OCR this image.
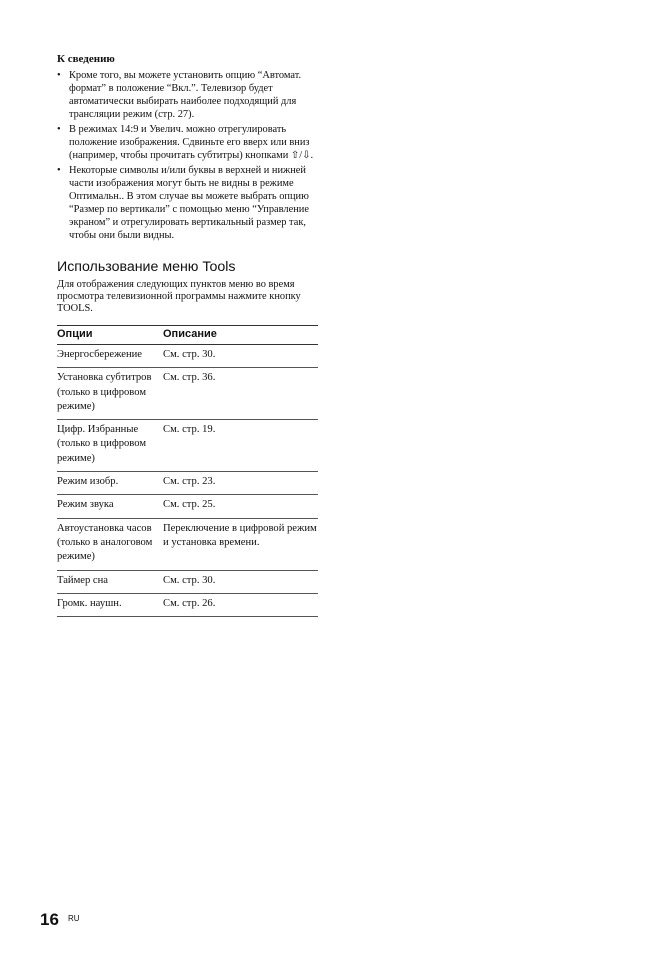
К сведению
• Кроме того, вы можете установить опцию “Автомат. формат” в положение “Вкл.”. Телевизор будет автоматически выбирать наиболее подходящий для трансляции режим (стр. 27).
• В режимах 14:9 и Увелич. можно отрегулировать положение изображения. Сдвиньте его вверх или вниз (например, чтобы прочитать субтитры) кнопками ⇧/⇩.
• Некоторые символы и/или буквы в верхней и нижней части изображения могут быть не видны в режиме Оптимальн.. В этом случае вы можете выбрать опцию “Размер по вертикали” с помощью меню “Управление экраном” и отрегулировать вертикальный размер так, чтобы они были видны.
Использование меню Tools

Для отображения следующих пунктов меню во время просмотра телевизионной программы нажмите кнопку TOOLS.

Опции	Описание
Энергосбережение	См. стр. 30.
Установка субтитров (только в цифровом режиме)	См. стр. 36.
Цифр. Избранные (только в цифровом режиме)	См. стр. 19.
Режим изобр.	См. стр. 23.
Режим звука	См. стр. 25.
Автоустановка часов (только в аналоговом режиме)	Переключение в цифровой режим и установка времени.
Таймер сна	См. стр. 30.
Громк. наушн.	См. стр. 26.
16 RU
